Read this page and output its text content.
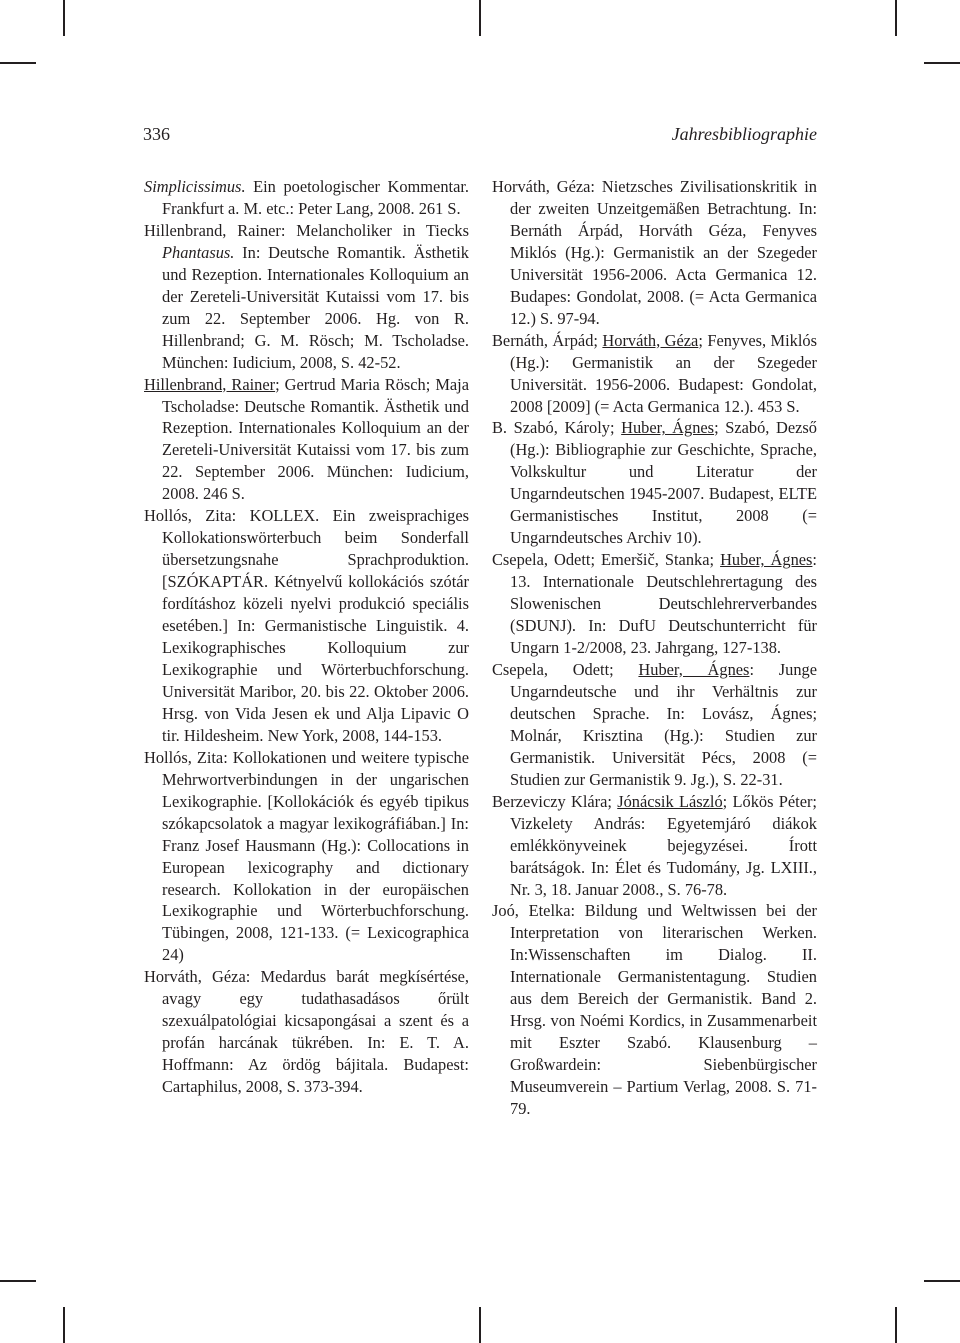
336	Jahresbibliographie

Simplicissimus. Ein poetologischer Kommentar. Frankfurt a. M. etc.: Peter Lang, 2008. 261 S.

Hillenbrand, Rainer: Melancholiker in Tiecks Phantasus. In: Deutsche Romantik. Ästhetik und Rezeption. Internationales Kolloquium an der Zereteli-Universität Kutaissi vom 17. bis zum 22. September 2006. Hg. von R. Hillenbrand; G. M. Rösch; M. Tscholadse. München: Iudicium, 2008, S. 42-52.

Hillenbrand, Rainer; Gertrud Maria Rösch; Maja Tscholadse: Deutsche Romantik. Ästhetik und Rezeption. Internationales Kolloquium an der Zereteli-Universität Kutaissi vom 17. bis zum 22. September 2006. München: Iudicium, 2008. 246 S.

Hollós, Zita: KOLLEX. Ein zweisprachiges Kollokationswörterbuch beim Sonderfall übersetzungsnahe Sprachproduktion. [SZÓKAPTÁR. Kétnyelvű kollokációs szótár fordításhoz közeli nyelvi produkció speciális esetében.] In: Germanistische Linguistik. 4. Lexikographisches Kolloquium zur Lexikographie und Wörterbuchforschung. Universität Maribor, 20. bis 22. Oktober 2006. Hrsg. von Vida Jesen ek und Alja Lipavic O tir. Hildesheim. New York, 2008, 144-153.

Hollós, Zita: Kollokationen und weitere typische Mehrwortverbindungen in der ungarischen Lexikographie. [Kollokációk és egyéb tipikus szókapcsolatok a magyar lexikográfiában.] In: Franz Josef Hausmann (Hg.): Collocations in European lexicography and dictionary research. Kollokation in der europäischen Lexikographie und Wörterbuchforschung. Tübingen, 2008, 121-133. (= Lexicographica 24)

Horváth, Géza: Medardus barát megkísértése, avagy egy tudathasadásos őrült szexuálpatológiai kicsapongásai a szent és a profán harcának tükrében. In: E. T. A. Hoffmann: Az ördög bájitala. Budapest: Cartaphilus, 2008, S. 373-394.

Horváth, Géza: Nietzsches Zivilisationskritik in der zweiten Unzeitgemäßen Betrachtung. In: Bernáth Árpád, Horváth Géza, Fenyves Miklós (Hg.): Germanistik an der Szegeder Universität 1956-2006. Acta Germanica 12. Budapes: Gondolat, 2008. (= Acta Germanica 12.) S. 97-94.

Bernáth, Árpád; Horváth, Géza; Fenyves, Miklós (Hg.): Germanistik an der Szegeder Universität. 1956-2006. Budapest: Gondolat, 2008 [2009] (= Acta Germanica 12.). 453 S.

B. Szabó, Károly; Huber, Ágnes; Szabó, Dezső (Hg.): Bibliographie zur Geschichte, Sprache, Volkskultur und Literatur der Ungarndeutschen 1945-2007. Budapest, ELTE Germanistisches Institut, 2008 (= Ungarndeutsches Archiv 10).

Csepela, Odett; Emeršič, Stanka; Huber, Ágnes: 13. Internationale Deutschlehrertagung des Slowenischen Deutschlehrerverbandes (SDUNJ). In: DufU Deutschunterricht für Ungarn 1-2/2008, 23. Jahrgang, 127-138.

Csepela, Odett; Huber, Ágnes: Junge Ungarndeutsche und ihr Verhältnis zur deutschen Sprache. In: Lovász, Ágnes; Molnár, Krisztina (Hg.): Studien zur Germanistik. Universität Pécs, 2008 (= Studien zur Germanistik 9. Jg.), S. 22-31.

Berzeviczy Klára; Jónácsik László; Lőkös Péter; Vizkelety András: Egyetemjáró diákok emlékkönyveinek bejegyzései. Írott barátságok. In: Élet és Tudomány, Jg. LXIII., Nr. 3, 18. Januar 2008., S. 76-78.

Joó, Etelka: Bildung und Weltwissen bei der Interpretation von literarischen Werken. In:Wissenschaften im Dialog. II. Internationale Germanistentagung. Studien aus dem Bereich der Germanistik. Band 2. Hrsg. von Noémi Kordics, in Zusammenarbeit mit Eszter Szabó. Klausenburg – Großwardein: Siebenbürgischer Museumverein – Partium Verlag, 2008. S. 71-79.
